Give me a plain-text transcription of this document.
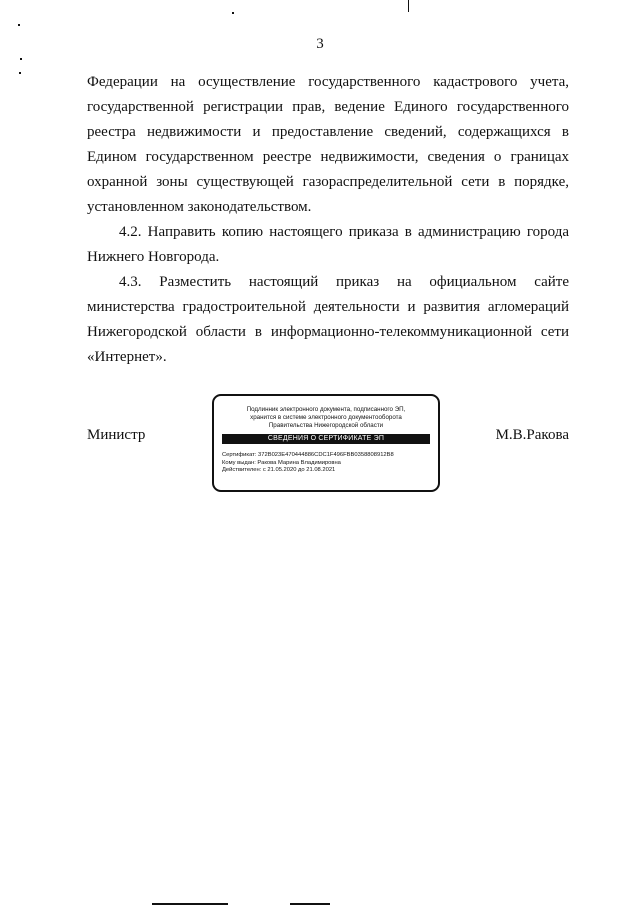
3

Федерации на осуществление государственного кадастрового учета, государственной регистрации прав, ведение Единого государственного реестра недвижимости и предоставление сведений, содержащихся в Едином государственном реестре недвижимости, сведения о границах охранной зоны существующей газораспределительной сети в порядке, установленном законодательством.

4.2. Направить копию настоящего приказа в администрацию города Нижнего Новгорода.

4.3. Разместить настоящий приказ на официальном сайте министерства градостроительной деятельности и развития агломераций Нижегородской области в информационно-телекоммуникационной сети «Интернет».

Министр	М.В.Ракова
Подлинник электронного документа, подписанного ЭП,
хранится в системе электронного документооборота
Правительства Нижегородской области
СВЕДЕНИЯ О СЕРТИФИКАТЕ ЭП
Сертификат: 372B023E470444886CDC1F496FBB0358808912B8
Кому выдан: Ракова Марина Владимировна
Действителен: с 21.05.2020 до 21.08.2021
